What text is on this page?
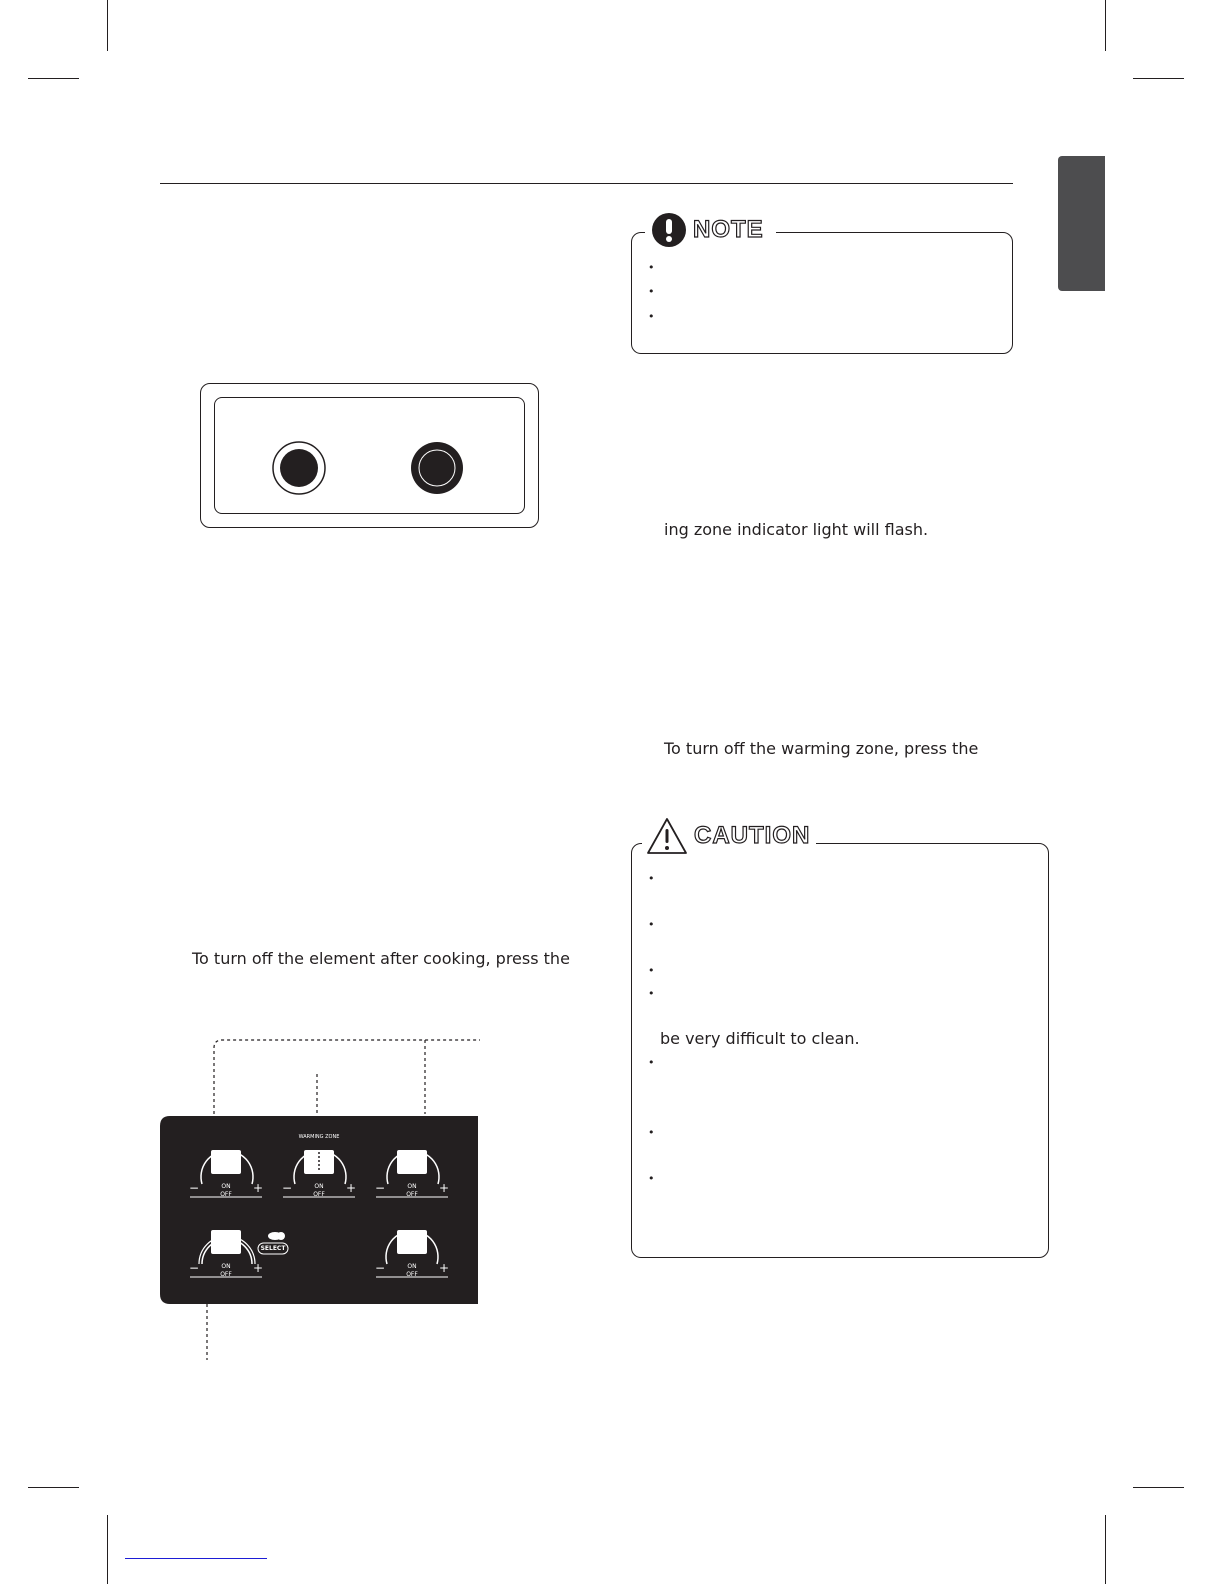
NOTE
•
•
•
ing zone indicator light will flash.
To turn off the warming zone, press the
To turn off the element after cooking, press the
CAUTION
•
•
•
•
be very difficult to clean.
•
•
•
WARMING ZONE
ON
OFF
−	+	ON
OFF
−	+	ON
OFF
−	+
ON
OFF
−	+
SELECT
ON
OFF
−	+
